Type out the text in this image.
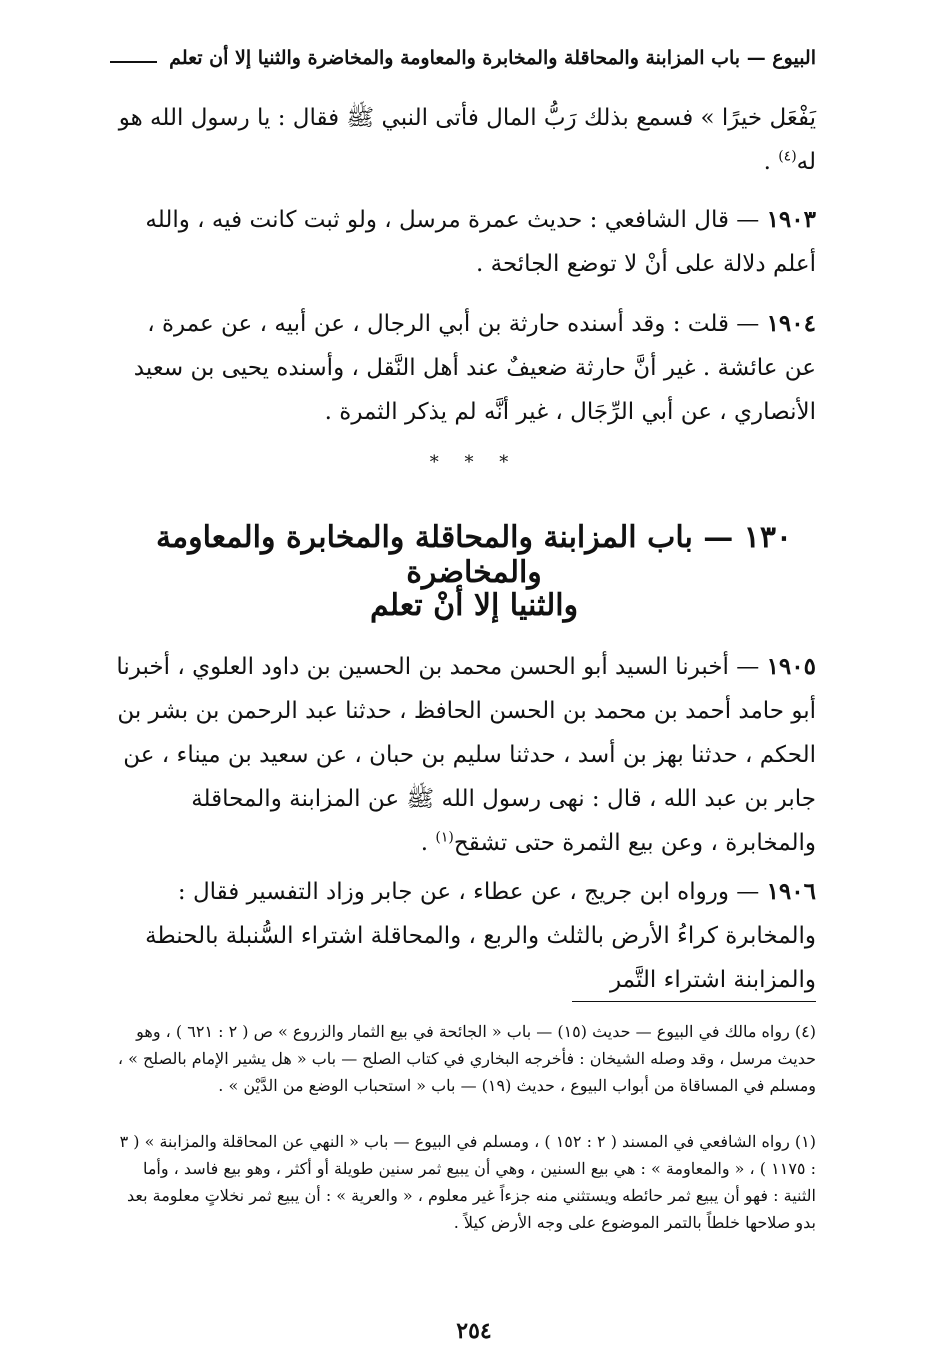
البيوع — باب المزابنة والمحاقلة والمخابرة والمعاومة والمخاضرة والثنيا إلا أن تعلم
يَفْعَل خيرًا » فسمع بذلك رَبُّ المال فأتى النبي ﷺ فقال : يا رسول الله هو
له$^{(٤)}$ .
١٩٠٣ — قال الشافعي : حديث عمرة مرسل ، ولو ثبت كانت فيه ، والله أعلم دلالة على أنْ لا توضع الجائحة .
١٩٠٤ — قلت : وقد أسنده حارثة بن أبي الرجال ، عن أبيه ، عن عمرة ، عن عائشة . غير أنَّ حارثة ضعيفٌ عند أهل النَّقل ، وأسنده يحيى بن سعيد الأنصاري ، عن أبي الرِّجَال ، غير أنَّه لم يذكر الثمرة .
* * *
١٣٠ — باب المزابنة والمحاقلة والمخابرة والمعاومة والمخاضرة
والثنيا إلا أنْ تعلم
١٩٠٥ — أخبرنا السيد أبو الحسن محمد بن الحسين بن داود العلوي ، أخبرنا أبو حامد أحمد بن محمد بن الحسن الحافظ ، حدثنا عبد الرحمن بن بشر بن الحكم ، حدثنا بهز بن أسد ، حدثنا سليم بن حبان ، عن سعيد بن ميناء ، عن جابر بن عبد الله ، قال : نهى رسول الله ﷺ عن المزابنة والمحاقلة والمخابرة ، وعن بيع الثمرة حتى تشقح$^{(١)}$ .
١٩٠٦ — ورواه ابن جريج ، عن عطاء ، عن جابر وزاد التفسير فقال : والمخابرة كراءُ الأرض بالثلث والربع ، والمحاقلة اشتراء السُّنبلة بالحنطة والمزابنة اشتراء التَّمر
(٤) رواه مالك في البيوع — حديث (١٥) — باب « الجائحة في بيع الثمار والزروع » ص ( ٢ : ٦٢١ ) ، وهو حديث مرسل ، وقد وصله الشيخان : فأخرجه البخاري في كتاب الصلح — باب « هل يشير الإمام بالصلح » ، ومسلم في المساقاة من أبواب البيوع ، حديث (١٩) — باب « استحباب الوضع من الدَّيْن » .
(١) رواه الشافعي في المسند ( ٢ : ١٥٢ ) ، ومسلم في البيوع — باب « النهي عن المحاقلة والمزابنة » ( ٣ : ١١٧٥ ) ، « والمعاومة » : هي بيع السنين ، وهي أن يبيع ثمر سنين طويلة أو أكثر ، وهو بيع فاسد ، وأما الثنية : فهو أن يبيع ثمر حائطه ويستثني منه جزءاً غير معلوم ، « والعرية » : أن يبيع ثمر نخلاتٍ معلومة بعد بدو صلاحها خلطاً بالتمر الموضوع على وجه الأرض كيلاً .
٢٥٤
